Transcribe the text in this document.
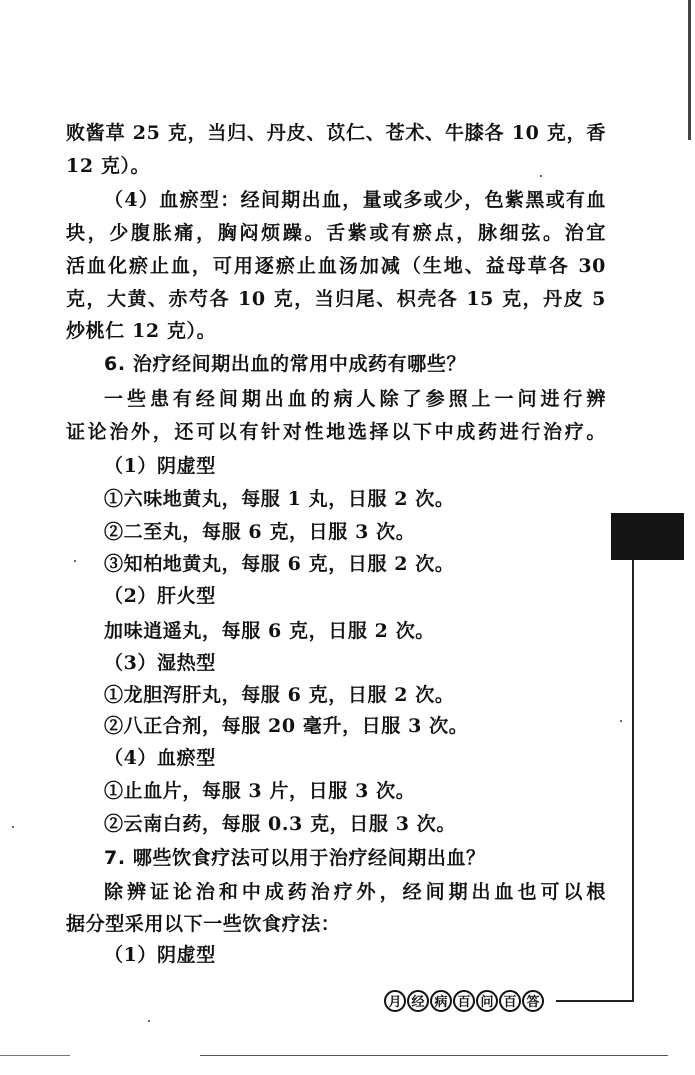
败酱草 25 克，当归、丹皮、苡仁、苍术、牛膝各 10 克，香
12 克）。
（4）血瘀型：经间期出血，量或多或少，色紫黑或有血
块，少腹胀痛，胸闷烦躁。舌紫或有瘀点，脉细弦。治宜
活血化瘀止血，可用逐瘀止血汤加减（生地、益母草各 30
克，大黄、赤芍各 10 克，当归尾、枳壳各 15 克，丹皮 5
炒桃仁 12 克）。
6. 治疗经间期出血的常用中成药有哪些？
一些患有经间期出血的病人除了参照上一问进行辨
证论治外，还可以有针对性地选择以下中成药进行治疗。
（1）阴虚型
①六味地黄丸，每服 1 丸，日服 2 次。
②二至丸，每服 6 克，日服 3 次。
③知柏地黄丸，每服 6 克，日服 2 次。
（2）肝火型
加味逍遥丸，每服 6 克，日服 2 次。
（3）湿热型
①龙胆泻肝丸，每服 6 克，日服 2 次。
②八正合剂，每服 20 毫升，日服 3 次。
（4）血瘀型
①止血片，每服 3 片，日服 3 次。
②云南白药，每服 0.3 克，日服 3 次。
7. 哪些饮食疗法可以用于治疗经间期出血？
除辨证论治和中成药治疗外，经间期出血也可以根
据分型采用以下一些饮食疗法：
（1）阴虚型
月 经 病 百 问 百 答
